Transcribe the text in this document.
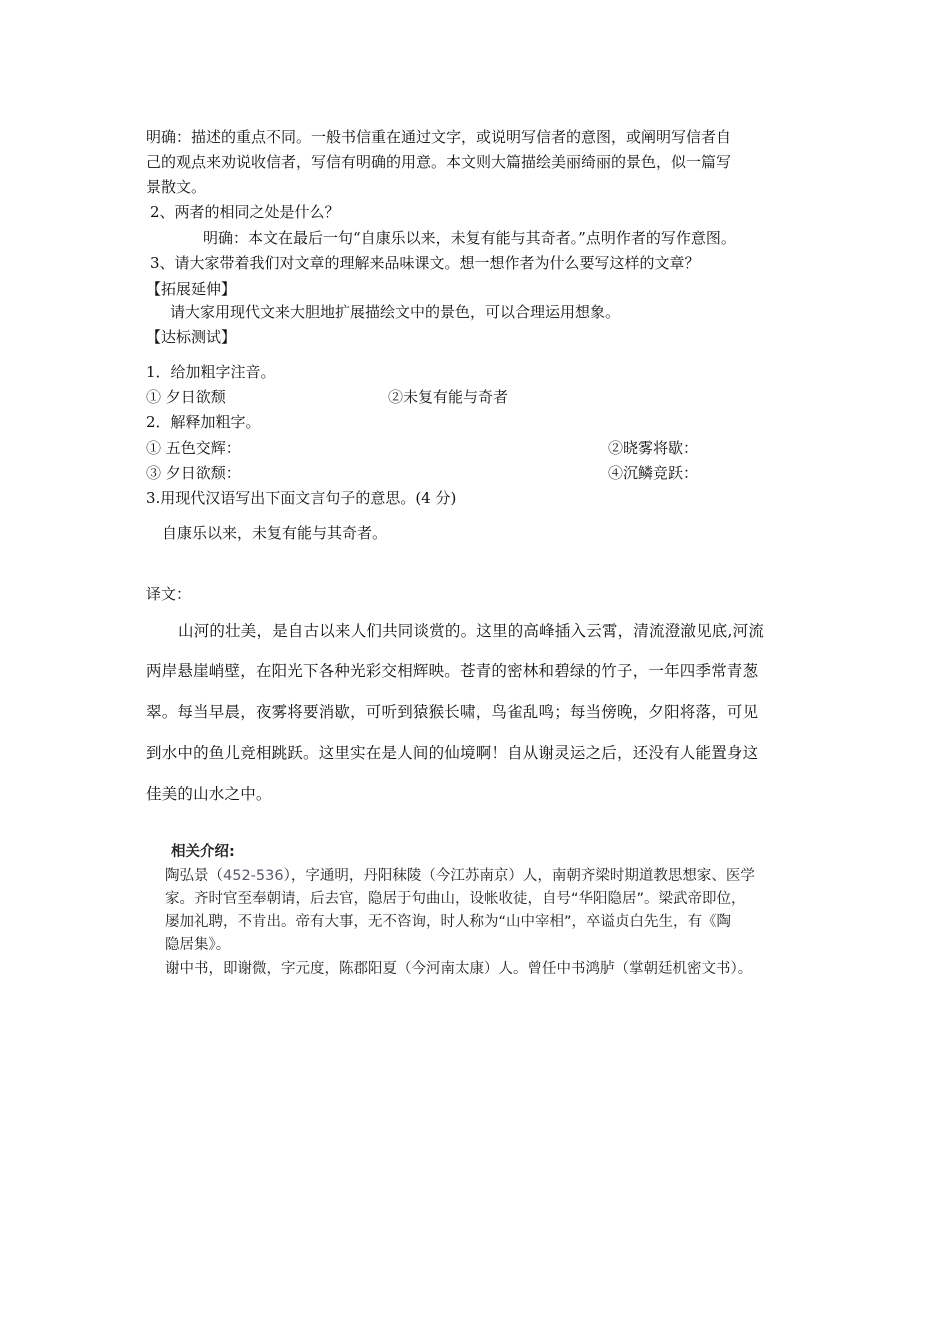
明确：描述的重点不同。一般书信重在通过文字，或说明写信者的意图，或阐明写信者自
己的观点来劝说收信者，写信有明确的用意。本文则大篇描绘美丽绮丽的景色，似一篇写
景散文。
2、两者的相同之处是什么？
明确：本文在最后一句“自康乐以来，未复有能与其奇者。”点明作者的写作意图。
3、请大家带着我们对文章的理解来品味课文。想一想作者为什么要写这样的文章？
【拓展延伸】
请大家用现代文来大胆地扩展描绘文中的景色，可以合理运用想象。
【达标测试】
1．给加粗字注音。
① 夕日欲颓	②未复有能与奇者
2．解释加粗字。
① 五色交辉：	②晓雾将歇：
③ 夕日欲颓：	④沉鳞竞跃：
3.用现代汉语写出下面文言句子的意思。(4 分)
自康乐以来，未复有能与其奇者。
译文：
山河的壮美，是自古以来人们共同谈赏的。这里的高峰插入云霄，清流澄澈见底,河流
两岸悬崖峭壁，在阳光下各种光彩交相辉映。苍青的密林和碧绿的竹子，一年四季常青葱
翠。每当早晨，夜雾将要消歇，可听到猿猴长啸，鸟雀乱鸣；每当傍晚，夕阳将落，可见
到水中的鱼儿竞相跳跃。这里实在是人间的仙境啊！自从谢灵运之后，还没有人能置身这
佳美的山水之中。
相关介绍:
陶弘景（452-536），字通明，丹阳秣陵（今江苏南京）人，南朝齐梁时期道教思想家、医学
家。齐时官至奉朝请，后去官，隐居于句曲山，设帐收徒，自号“华阳隐居”。梁武帝即位，
屡加礼聘，不肯出。帝有大事，无不咨询，时人称为“山中宰相”，卒谥贞白先生，有《陶
隐居集》。
谢中书，即谢微，字元度，陈郡阳夏（今河南太康）人。曾任中书鸿胪（掌朝廷机密文书）。
